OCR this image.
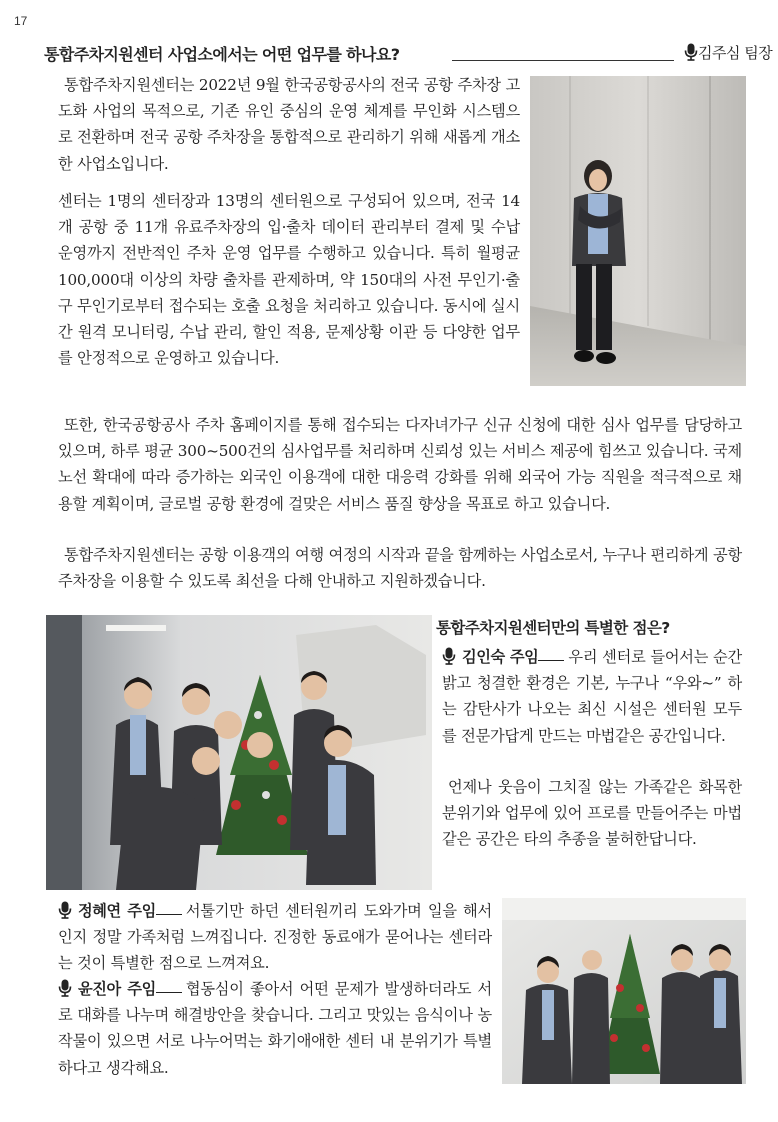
17
통합주차지원센터 사업소에서는 어떤 업무를 하나요?	김주심 팀장

통합주차지원센터는 2022년 9월 한국공항공사의 전국 공항 주차장 고도화 사업의 목적으로, 기존 유인 중심의 운영 체계를 무인화 시스템으로 전환하며 전국 공항 주차장을 통합적으로 관리하기 위해 새롭게 개소한 사업소입니다.

센터는 1명의 센터장과 13명의 센터원으로 구성되어 있으며, 전국 14개 공항 중 11개 유료주차장의 입·출차 데이터 관리부터 결제 및 수납 운영까지 전반적인 주차 운영 업무를 수행하고 있습니다. 특히 월평균 100,000대 이상의 차량 출차를 관제하며, 약 150대의 사전 무인기·출구 무인기로부터 접수되는 호출 요청을 처리하고 있습니다. 동시에 실시간 원격 모니터링, 수납 관리, 할인 적용, 문제상황 이관 등 다양한 업무를 안정적으로 운영하고 있습니다.

또한, 한국공항공사 주차 홈페이지를 통해 접수되는 다자녀가구 신규 신청에 대한 심사 업무를 담당하고 있으며, 하루 평균 300~500건의 심사업무를 처리하며 신뢰성 있는 서비스 제공에 힘쓰고 있습니다. 국제노선 확대에 따라 증가하는 외국인 이용객에 대한 대응력 강화를 위해 외국어 가능 직원을 적극적으로 채용할 계획이며, 글로벌 공항 환경에 걸맞은 서비스 품질 향상을 목표로 하고 있습니다.

통합주차지원센터는 공항 이용객의 여행 여정의 시작과 끝을 함께하는 사업소로서, 누구나 편리하게 공항 주차장을 이용할 수 있도록 최선을 다해 안내하고 지원하겠습니다.

통합주차지원센터만의 특별한 점은?

김인숙 주임 우리 센터로 들어서는 순간 밝고 청결한 환경은 기본, 누구나 “우와~” 하는 감탄사가 나오는 최신 시설은 센터원 모두를 전문가답게 만드는 마법같은 공간입니다.

언제나 웃음이 그치질 않는 가족같은 화목한 분위기와 업무에 있어 프로를 만들어주는 마법같은 공간은 타의 추종을 불허한답니다.

정혜연 주임 서툴기만 하던 센터원끼리 도와가며 일을 해서인지 정말 가족처럼 느껴집니다. 진정한 동료애가 묻어나는 센터라는 것이 특별한 점으로 느껴져요.

윤진아 주임 협동심이 좋아서 어떤 문제가 발생하더라도 서로 대화를 나누며 해결방안을 찾습니다. 그리고 맛있는 음식이나 농작물이 있으면 서로 나누어먹는 화기애애한 센터 내 분위기가 특별하다고 생각해요.
